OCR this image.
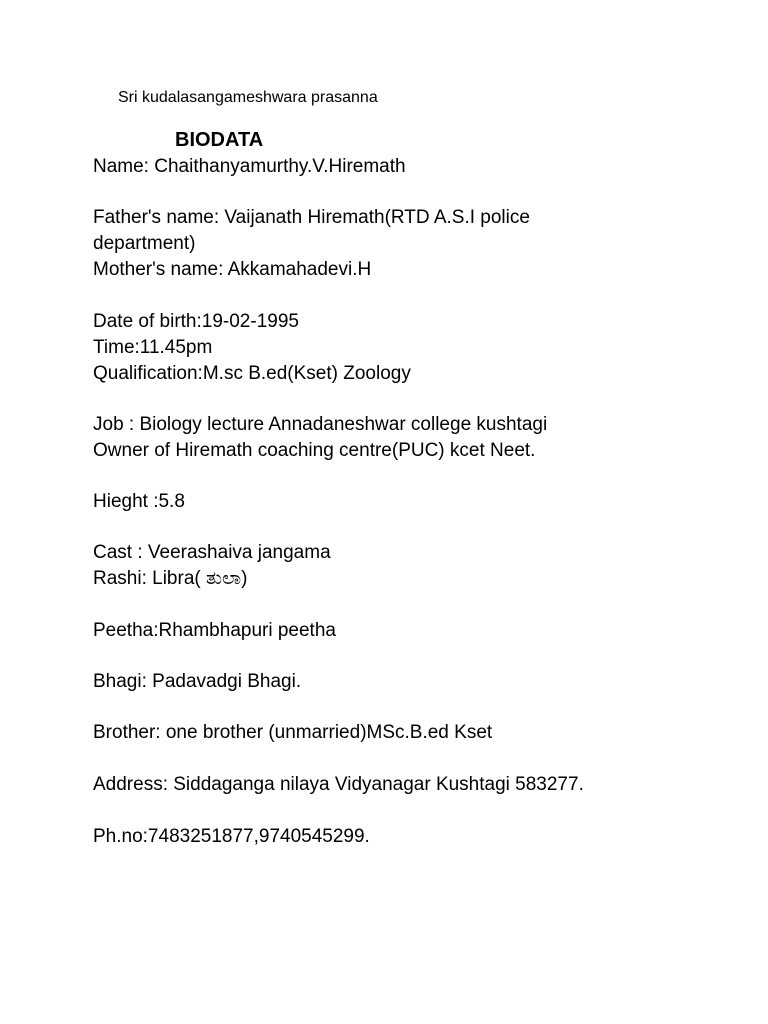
Sri kudalasangameshwara prasanna
BIODATA
Name: Chaithanyamurthy.V.Hiremath
Father's name: Vaijanath Hiremath(RTD A.S.I police department)
Mother's name: Akkamahadevi.H
Date of birth:19-02-1995
Time:11.45pm
Qualification:M.sc B.ed(Kset) Zoology
Job : Biology lecture Annadaneshwar college kushtagi
Owner of Hiremath coaching centre(PUC) kcet Neet.
Hieght :5.8
Cast : Veerashaiva jangama
Rashi: Libra( ತುಲಾ)
Peetha:Rhambhapuri peetha
Bhagi: Padavadgi Bhagi.
Brother: one brother (unmarried)MSc.B.ed Kset
Address: Siddaganga nilaya Vidyanagar Kushtagi 583277.
Ph.no:7483251877,9740545299.
